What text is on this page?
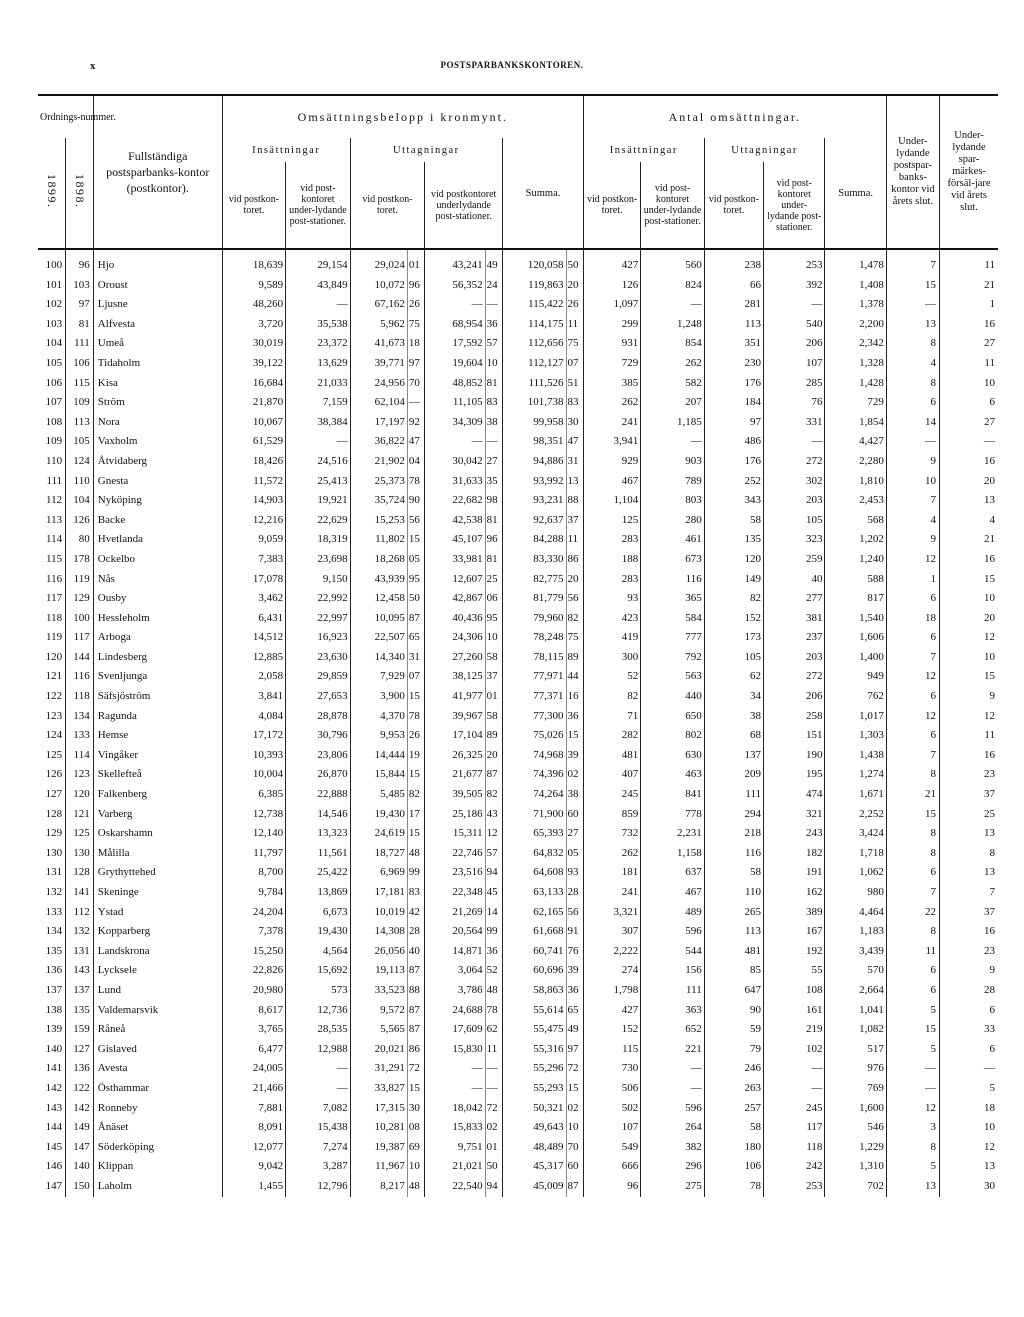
x	POSTSPARBANKSKONTOREN.
Ordnings-nummer.		Fullständiga postsparbanks-kontor (postkontor).	Omsättningsbelopp i kronmynt.								Antal omsättningar.					Under-lydande postspar-banks-kontor vid årets slut.	Under-lydande spar-märkes-försäl-jare vid årets slut.
1899.	1898.		Insättningar		Uttagningar				Summa.		Insättningar		Uttagningar		Summa.		
			vid postkon-toret.	vid post-kontoret under-lydande post-stationer.	vid postkon-toret.		vid postkontoret underlydande post-stationer.				vid postkon-toret.	vid post-kontoret under-lydande post-stationer.	vid postkon-toret.	vid post-kontoret under-lydande post-stationer.			
100	96	Hjo	18,639	29,154	29,024	01	43,241	49	120,058	50	427	560	238	253	1,478	7	11
101	103	Oroust	9,589	43,849	10,072	96	56,352	24	119,863	20	126	824	66	392	1,408	15	21
102	97	Ljusne	48,260	—	67,162	26	—	—	115,422	26	1,097	—	281	—	1,378	—	1
103	81	Alfvesta	3,720	35,538	5,962	75	68,954	36	114,175	11	299	1,248	113	540	2,200	13	16
104	111	Umeå	30,019	23,372	41,673	18	17,592	57	112,656	75	931	854	351	206	2,342	8	27
105	106	Tidaholm	39,122	13,629	39,771	97	19,604	10	112,127	07	729	262	230	107	1,328	4	11
106	115	Kisa	16,684	21,033	24,956	70	48,852	81	111,526	51	385	582	176	285	1,428	8	10
107	109	Ström	21,870	7,159	62,104	—	11,105	83	101,738	83	262	207	184	76	729	6	6
108	113	Nora	10,067	38,384	17,197	92	34,309	38	99,958	30	241	1,185	97	331	1,854	14	27
109	105	Vaxholm	61,529	—	36,822	47	—	—	98,351	47	3,941	—	486	—	4,427	—	—
110	124	Åtvidaberg	18,426	24,516	21,902	04	30,042	27	94,886	31	929	903	176	272	2,280	9	16
111	110	Gnesta	11,572	25,413	25,373	78	31,633	35	93,992	13	467	789	252	302	1,810	10	20
112	104	Nyköping	14,903	19,921	35,724	90	22,682	98	93,231	88	1,104	803	343	203	2,453	7	13
113	126	Backe	12,216	22,629	15,253	56	42,538	81	92,637	37	125	280	58	105	568	4	4
114	80	Hvetlanda	9,059	18,319	11,802	15	45,107	96	84,288	11	283	461	135	323	1,202	9	21
115	178	Ockelbo	7,383	23,698	18,268	05	33,981	81	83,330	86	188	673	120	259	1,240	12	16
116	119	Nås	17,078	9,150	43,939	95	12,607	25	82,775	20	283	116	149	40	588	1	15
117	129	Ousby	3,462	22,992	12,458	50	42,867	06	81,779	56	93	365	82	277	817	6	10
118	100	Hessleholm	6,431	22,997	10,095	87	40,436	95	79,960	82	423	584	152	381	1,540	18	20
119	117	Arboga	14,512	16,923	22,507	65	24,306	10	78,248	75	419	777	173	237	1,606	6	12
120	144	Lindesberg	12,885	23,630	14,340	31	27,260	58	78,115	89	300	792	105	203	1,400	7	10
121	116	Svenljunga	2,058	29,859	7,929	07	38,125	37	77,971	44	52	563	62	272	949	12	15
122	118	Säfsjöström	3,841	27,653	3,900	15	41,977	01	77,371	16	82	440	34	206	762	6	9
123	134	Ragunda	4,084	28,878	4,370	78	39,967	58	77,300	36	71	650	38	258	1,017	12	12
124	133	Hemse	17,172	30,796	9,953	26	17,104	89	75,026	15	282	802	68	151	1,303	6	11
125	114	Vingåker	10,393	23,806	14,444	19	26,325	20	74,968	39	481	630	137	190	1,438	7	16
126	123	Skellefteå	10,004	26,870	15,844	15	21,677	87	74,396	02	407	463	209	195	1,274	8	23
127	120	Falkenberg	6,385	22,888	5,485	82	39,505	82	74,264	38	245	841	111	474	1,671	21	37
128	121	Varberg	12,738	14,546	19,430	17	25,186	43	71,900	60	859	778	294	321	2,252	15	25
129	125	Oskarshamn	12,140	13,323	24,619	15	15,311	12	65,393	27	732	2,231	218	243	3,424	8	13
130	130	Målilla	11,797	11,561	18,727	48	22,746	57	64,832	05	262	1,158	116	182	1,718	8	8
131	128	Grythyttehed	8,700	25,422	6,969	99	23,516	94	64,608	93	181	637	58	191	1,062	6	13
132	141	Skeninge	9,784	13,869	17,181	83	22,348	45	63,133	28	241	467	110	162	980	7	7
133	112	Ystad	24,204	6,673	10,019	42	21,269	14	62,165	56	3,321	489	265	389	4,464	22	37
134	132	Kopparberg	7,378	19,430	14,308	28	20,564	99	61,668	91	307	596	113	167	1,183	8	16
135	131	Landskrona	15,250	4,564	26,056	40	14,871	36	60,741	76	2,222	544	481	192	3,439	11	23
136	143	Lycksele	22,826	15,692	19,113	87	3,064	52	60,696	39	274	156	85	55	570	6	9
137	137	Lund	20,980	573	33,523	88	3,786	48	58,863	36	1,798	111	647	108	2,664	6	28
138	135	Valdemarsvik	8,617	12,736	9,572	87	24,688	78	55,614	65	427	363	90	161	1,041	5	6
139	159	Råneå	3,765	28,535	5,565	87	17,609	62	55,475	49	152	652	59	219	1,082	15	33
140	127	Gislaved	6,477	12,988	20,021	86	15,830	11	55,316	97	115	221	79	102	517	5	6
141	136	Avesta	24,005	—	31,291	72	—	—	55,296	72	730	—	246	—	976	—	—
142	122	Östhammar	21,466	—	33,827	15	—	—	55,293	15	506	—	263	—	769	—	5
143	142	Ronneby	7,881	7,082	17,315	30	18,042	72	50,321	02	502	596	257	245	1,600	12	18
144	149	Ånäset	8,091	15,438	10,281	08	15,833	02	49,643	10	107	264	58	117	546	3	10
145	147	Söderköping	12,077	7,274	19,387	69	9,751	01	48,489	70	549	382	180	118	1,229	8	12
146	140	Klippan	9,042	3,287	11,967	10	21,021	50	45,317	60	666	296	106	242	1,310	5	13
147	150	Laholm	1,455	12,796	8,217	48	22,540	94	45,009	87	96	275	78	253	702	13	30
